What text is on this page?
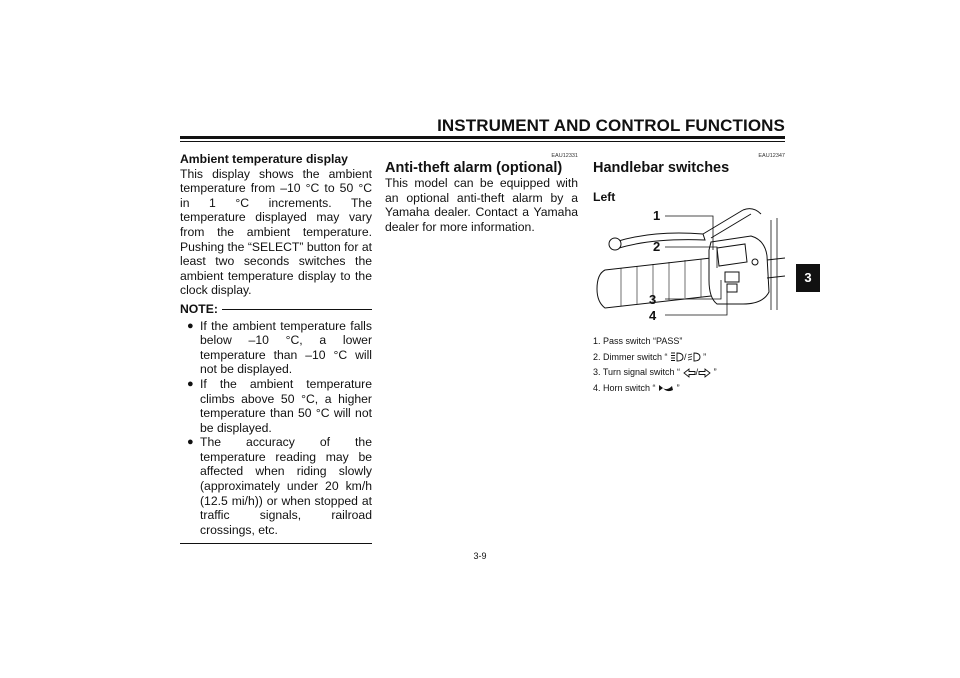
INSTRUMENT AND CONTROL FUNCTIONS
3
Ambient temperature display

This display shows the ambient temperature from –10 °C to 50 °C in 1 °C increments. The temperature displayed may vary from the ambient temperature. Pushing the “SELECT” button for at least two seconds switches the ambient temperature display to the clock display.

NOTE:
● If the ambient temperature falls below –10 °C, a lower temperature than –10 °C will not be displayed.
● If the ambient temperature climbs above 50 °C, a higher temperature than 50 °C will not be displayed.
● The accuracy of the temperature reading may be affected when riding slowly (approximately under 20 km/h (12.5 mi/h)) or when stopped at traffic signals, railroad crossings, etc.
EAU12331
Anti-theft alarm (optional)

This model can be equipped with an optional anti-theft alarm by a Yamaha dealer. Contact a Yamaha dealer for more information.

EAU12347
Handlebar switches
Left
1
2
3
4
1. Pass switch “PASS”
2. Dimmer switch “ / ”
3. Turn signal switch “ / ”
4. Horn switch “ ”
3-9
